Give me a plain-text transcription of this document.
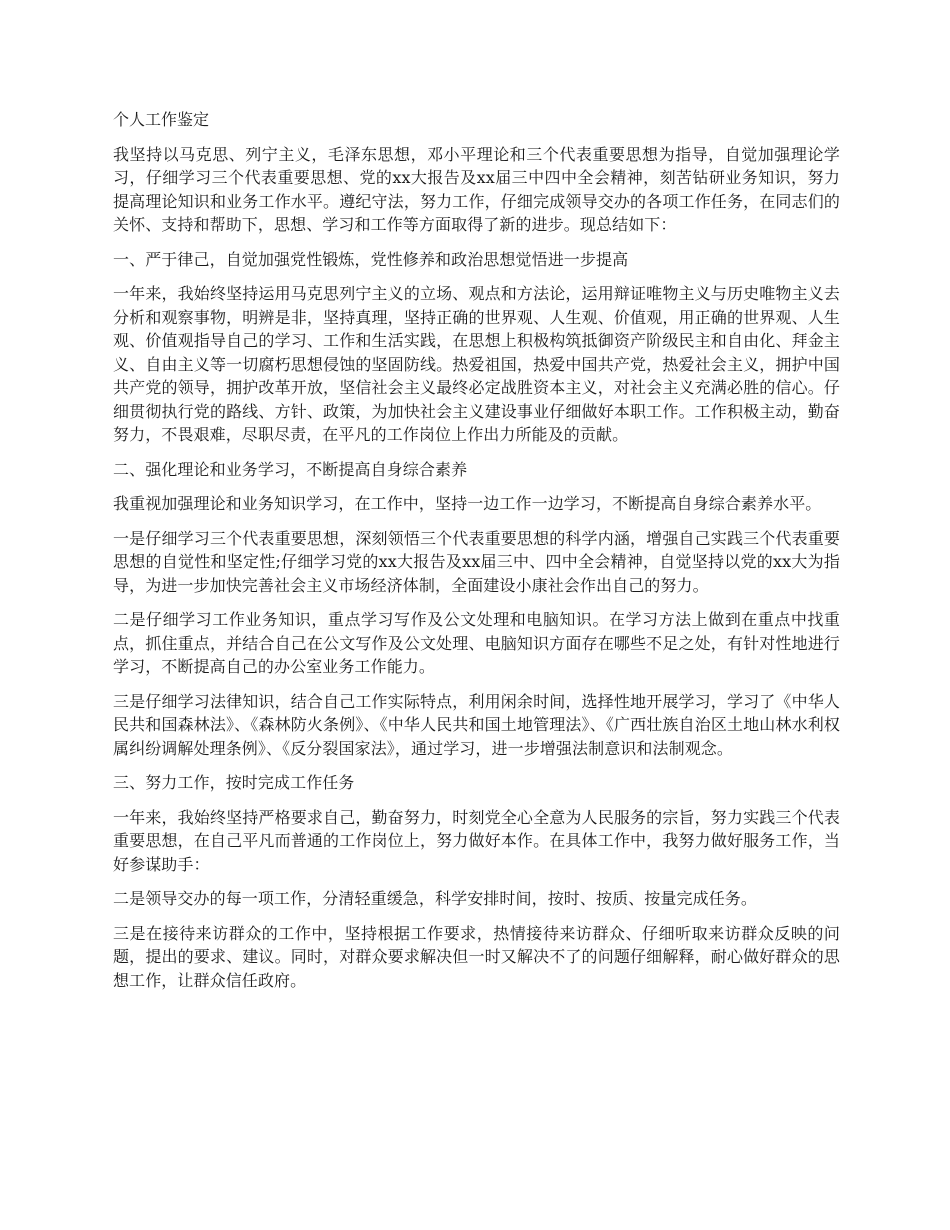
个人工作鉴定

我坚持以马克思、列宁主义，毛泽东思想，邓小平理论和三个代表重要思想为指导，自觉加强理论学习，仔细学习三个代表重要思想、党的xx大报告及xx届三中四中全会精神，刻苦钻研业务知识，努力提高理论知识和业务工作水平。遵纪守法，努力工作，仔细完成领导交办的各项工作任务，在同志们的关怀、支持和帮助下，思想、学习和工作等方面取得了新的进步。现总结如下：

一、严于律己，自觉加强党性锻炼，党性修养和政治思想觉悟进一步提高

一年来，我始终坚持运用马克思列宁主义的立场、观点和方法论，运用辩证唯物主义与历史唯物主义去分析和观察事物，明辨是非，坚持真理，坚持正确的世界观、人生观、价值观，用正确的世界观、人生观、价值观指导自己的学习、工作和生活实践，在思想上积极构筑抵御资产阶级民主和自由化、拜金主义、自由主义等一切腐朽思想侵蚀的坚固防线。热爱祖国，热爱中国共产党，热爱社会主义，拥护中国共产党的领导，拥护改革开放，坚信社会主义最终必定战胜资本主义，对社会主义充满必胜的信心。仔细贯彻执行党的路线、方针、政策，为加快社会主义建设事业仔细做好本职工作。工作积极主动，勤奋努力，不畏艰难，尽职尽责，在平凡的工作岗位上作出力所能及的贡献。

二、强化理论和业务学习，不断提高自身综合素养

我重视加强理论和业务知识学习，在工作中，坚持一边工作一边学习，不断提高自身综合素养水平。

一是仔细学习三个代表重要思想，深刻领悟三个代表重要思想的科学内涵，增强自己实践三个代表重要思想的自觉性和坚定性;仔细学习党的xx大报告及xx届三中、四中全会精神，自觉坚持以党的xx大为指导，为进一步加快完善社会主义市场经济体制，全面建设小康社会作出自己的努力。

二是仔细学习工作业务知识，重点学习写作及公文处理和电脑知识。在学习方法上做到在重点中找重点，抓住重点，并结合自己在公文写作及公文处理、电脑知识方面存在哪些不足之处，有针对性地进行学习，不断提高自己的办公室业务工作能力。

三是仔细学习法律知识，结合自己工作实际特点，利用闲余时间，选择性地开展学习，学习了《中华人民共和国森林法》、《森林防火条例》、《中华人民共和国土地管理法》、《广西壮族自治区土地山林水利权属纠纷调解处理条例》、《反分裂国家法》，通过学习，进一步增强法制意识和法制观念。

三、努力工作，按时完成工作任务

一年来，我始终坚持严格要求自己，勤奋努力，时刻党全心全意为人民服务的宗旨，努力实践三个代表重要思想，在自己平凡而普通的工作岗位上，努力做好本作。在具体工作中，我努力做好服务工作，当好参谋助手：

二是领导交办的每一项工作，分清轻重缓急，科学安排时间，按时、按质、按量完成任务。

三是在接待来访群众的工作中，坚持根据工作要求，热情接待来访群众、仔细听取来访群众反映的问题，提出的要求、建议。同时，对群众要求解决但一时又解决不了的问题仔细解释，耐心做好群众的思想工作，让群众信任政府。
